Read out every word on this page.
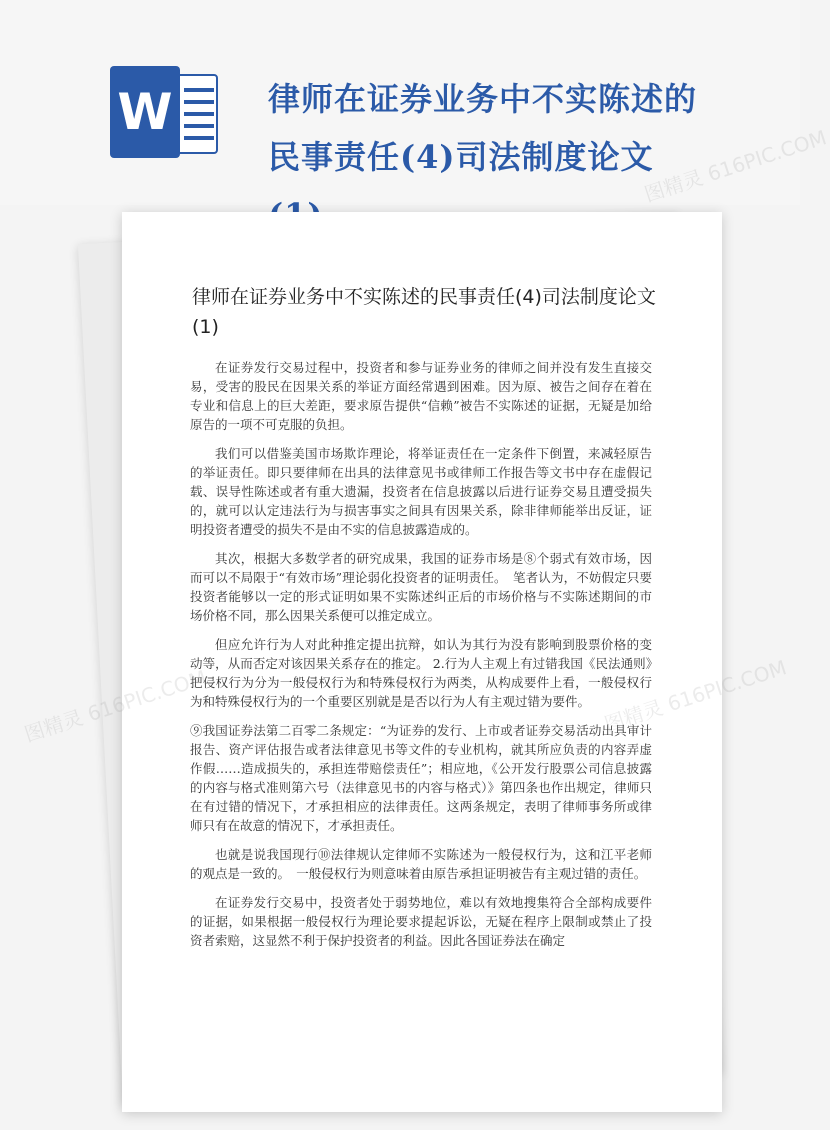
W	律师在证券业务中不实陈述的民事责任(4)司法制度论文
律师在证券业务中不实陈述的民事责任(4)司法制度论文(1)

在证券发行交易过程中，投资者和参与证券业务的律师之间并没有发生直接交易，受害的股民在因果关系的举证方面经常遇到困难。因为原、被告之间存在着在专业和信息上的巨大差距，要求原告提供“信赖”被告不实陈述的证据，无疑是加给原告的一项不可克服的负担。

我们可以借鉴美国市场欺诈理论，将举证责任在一定条件下倒置，来减轻原告的举证责任。即只要律师在出具的法律意见书或律师工作报告等文书中存在虚假记载、误导性陈述或者有重大遗漏，投资者在信息披露以后进行证券交易且遭受损失的，就可以认定违法行为与损害事实之间具有因果关系，除非律师能举出反证，证明投资者遭受的损失不是由不实的信息披露造成的。

其次，根据大多数学者的研究成果，我国的证券市场是⑧个弱式有效市场，因而可以不局限于“有效市场”理论弱化投资者的证明责任。　笔者认为，不妨假定只要投资者能够以一定的形式证明如果不实陈述纠正后的市场价格与不实陈述期间的市场价格不同，那么因果关系便可以推定成立。

但应允许行为人对此种推定提出抗辩，如认为其行为没有影响到股票价格的变动等，从而否定对该因果关系存在的推定。 2.行为人主观上有过错我国《民法通则》把侵权行为分为一般侵权行为和特殊侵权行为两类，从构成要件上看，一般侵权行为和特殊侵权行为的一个重要区别就是是否以行为人有主观过错为要件。

⑨我国证券法第二百零二条规定：“为证券的发行、上市或者证券交易活动出具审计报告、资产评估报告或者法律意见书等文件的专业机构，就其所应负责的内容弄虚作假……造成损失的，承担连带赔偿责任”；相应地，《公开发行股票公司信息披露的内容与格式准则第六号（法律意见书的内容与格式）》第四条也作出规定，律师只在有过错的情况下，才承担相应的法律责任。这两条规定，表明了律师事务所或律师只有在故意的情况下，才承担责任。

也就是说我国现行⑩法律规认定律师不实陈述为一般侵权行为，这和江平老师的观点是一致的。　一般侵权行为则意味着由原告承担证明被告有主观过错的责任。

在证券发行交易中，投资者处于弱势地位，难以有效地搜集符合全部构成要件的证据，如果根据一般侵权行为理论要求提起诉讼，无疑在程序上限制或禁止了投资者索赔，这显然不利于保护投资者的利益。因此各国证券法在确定

图精灵
616PIC.COM
